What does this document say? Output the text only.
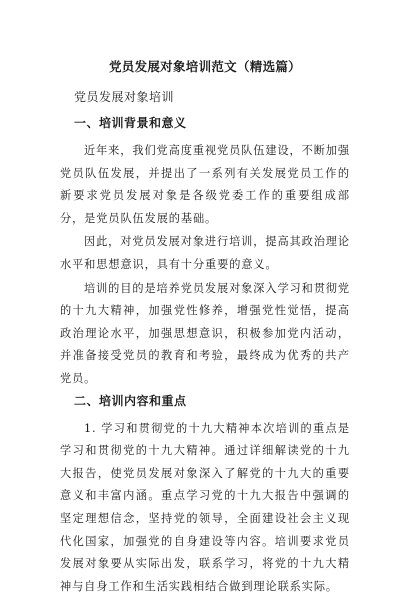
党员发展对象培训范文（精选篇）
党员发展对象培训
一、培训背景和意义

近年来，我们党高度重视党员队伍建设，不断加强党员队伍发展，并提出了一系列有关发展党员工作的新要求党员发展对象是各级党委工作的重要组成部分，是党员队伍发展的基础。

因此，对党员发展对象进行培训，提高其政治理论水平和思想意识，具有十分重要的意义。

培训的目的是培养党员发展对象深入学习和贯彻党的十九大精神，加强党性修养，增强党性觉悟，提高政治理论水平，加强思想意识，积极参加党内活动，并准备接受党员的教育和考验，最终成为优秀的共产党员。

二、培训内容和重点

1. 学习和贯彻党的十九大精神本次培训的重点是学习和贯彻党的十九大精神。通过详细解读党的十九大报告，使党员发展对象深入了解党的十九大的重要意义和丰富内涵。重点学习党的十九大报告中强调的坚定理想信念，坚持党的领导，全面建设社会主义现代化国家，加强党的自身建设等内容。培训要求党员发展对象要从实际出发，联系学习，将党的十九大精神与自身工作和生活实践相结合做到理论联系实际。
